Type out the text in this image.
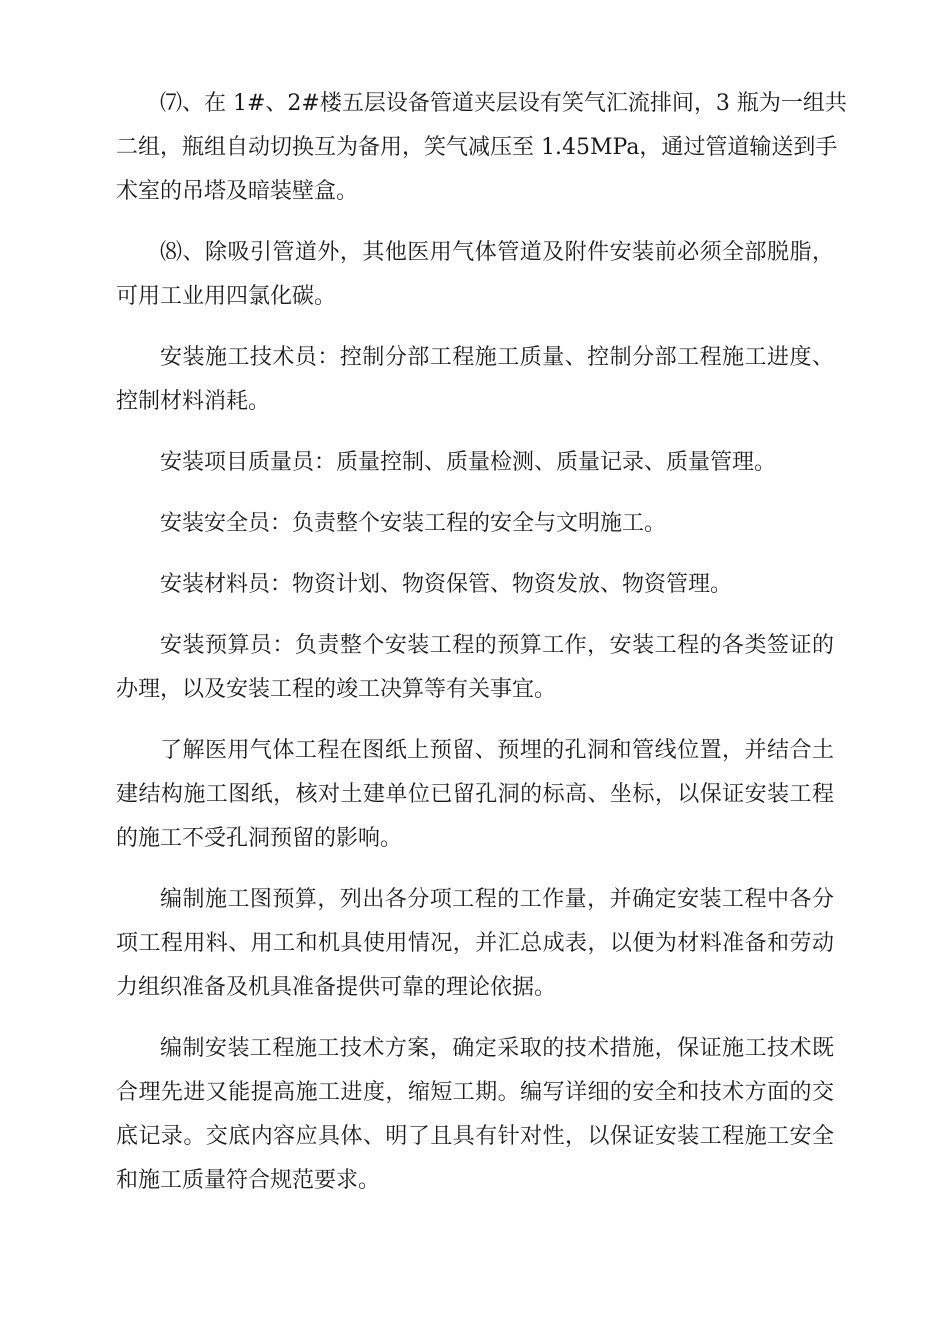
⑺、在 1#、2#楼五层设备管道夹层设有笑气汇流排间，3 瓶为一组共
二组，瓶组自动切换互为备用，笑气减压至 1.45MPa，通过管道输送到手
术室的吊塔及暗装壁盒。
⑻、除吸引管道外，其他医用气体管道及附件安装前必须全部脱脂，
可用工业用四氯化碳。
安装施工技术员：控制分部工程施工质量、控制分部工程施工进度、
控制材料消耗。
安装项目质量员：质量控制、质量检测、质量记录、质量管理。
安装安全员：负责整个安装工程的安全与文明施工。
安装材料员：物资计划、物资保管、物资发放、物资管理。
安装预算员：负责整个安装工程的预算工作，安装工程的各类签证的
办理，以及安装工程的竣工决算等有关事宜。
了解医用气体工程在图纸上预留、预埋的孔洞和管线位置，并结合土
建结构施工图纸，核对土建单位已留孔洞的标高、坐标，以保证安装工程
的施工不受孔洞预留的影响。
编制施工图预算，列出各分项工程的工作量，并确定安装工程中各分
项工程用料、用工和机具使用情况，并汇总成表，以便为材料准备和劳动
力组织准备及机具准备提供可靠的理论依据。
编制安装工程施工技术方案，确定采取的技术措施，保证施工技术既
合理先进又能提高施工进度，缩短工期。编写详细的安全和技术方面的交
底记录。交底内容应具体、明了且具有针对性，以保证安装工程施工安全
和施工质量符合规范要求。
